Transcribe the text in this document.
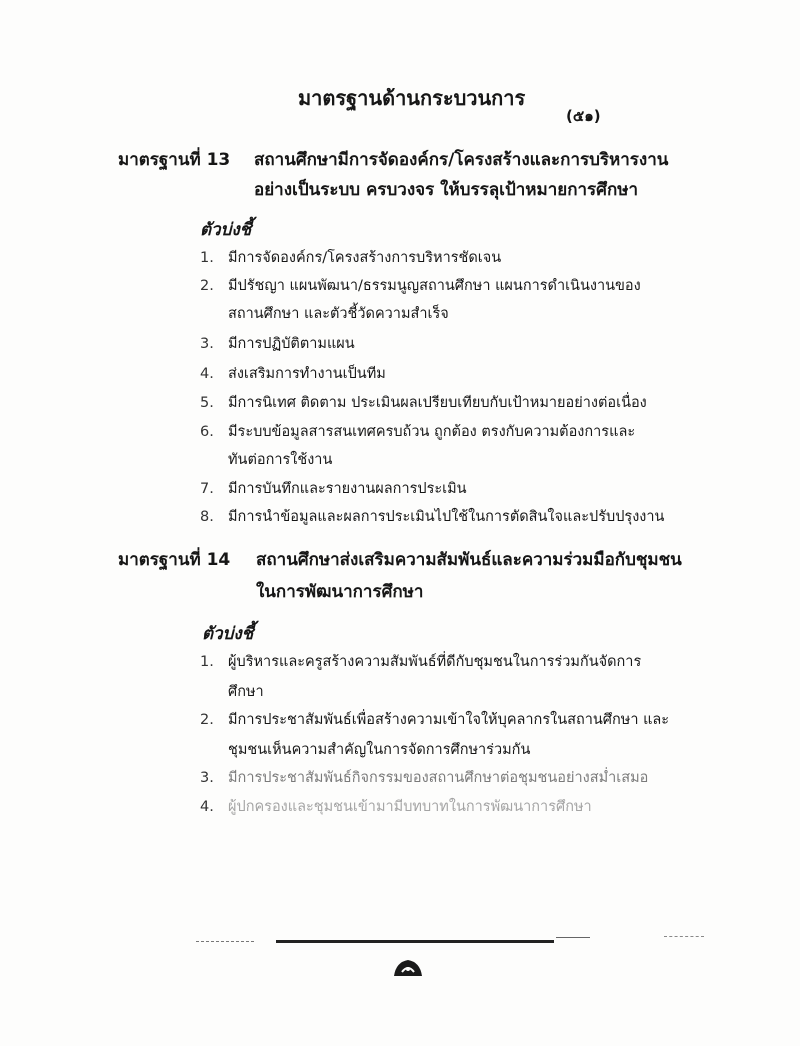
มาตรฐานด้านกระบวนการ
(๕๑)
มาตรฐานที่ 13 สถานศึกษามีการจัดองค์กร/โครงสร้างและการบริหารงาน
อย่างเป็นระบบ ครบวงจร ให้บรรลุเป้าหมายการศึกษา
ตัวบ่งชี้
1. มีการจัดองค์กร/โครงสร้างการบริหารชัดเจน
2. มีปรัชญา แผนพัฒนา/ธรรมนูญสถานศึกษา แผนการดำเนินงานของ
สถานศึกษา และตัวชี้วัดความสำเร็จ
3. มีการปฏิบัติตามแผน
4. ส่งเสริมการทำงานเป็นทีม
5. มีการนิเทศ ติดตาม ประเมินผลเปรียบเทียบกับเป้าหมายอย่างต่อเนื่อง
6. มีระบบข้อมูลสารสนเทศครบถ้วน ถูกต้อง ตรงกับความต้องการและ
ทันต่อการใช้งาน
7. มีการบันทึกและรายงานผลการประเมิน
8. มีการนำข้อมูลและผลการประเมินไปใช้ในการตัดสินใจและปรับปรุงงาน
มาตรฐานที่ 14 สถานศึกษาส่งเสริมความสัมพันธ์และความร่วมมือกับชุมชน
ในการพัฒนาการศึกษา
ตัวบ่งชี้
1. ผู้บริหารและครูสร้างความสัมพันธ์ที่ดีกับชุมชนในการร่วมกันจัดการ
ศึกษา
2. มีการประชาสัมพันธ์เพื่อสร้างความเข้าใจให้บุคลากรในสถานศึกษา และ
ชุมชนเห็นความสำคัญในการจัดการศึกษาร่วมกัน
3. มีการประชาสัมพันธ์กิจกรรมของสถานศึกษาต่อชุมชนอย่างสม่ำเสมอ
4. ผู้ปกครองและชุมชนเข้ามามีบทบาทในการพัฒนาการศึกษา
